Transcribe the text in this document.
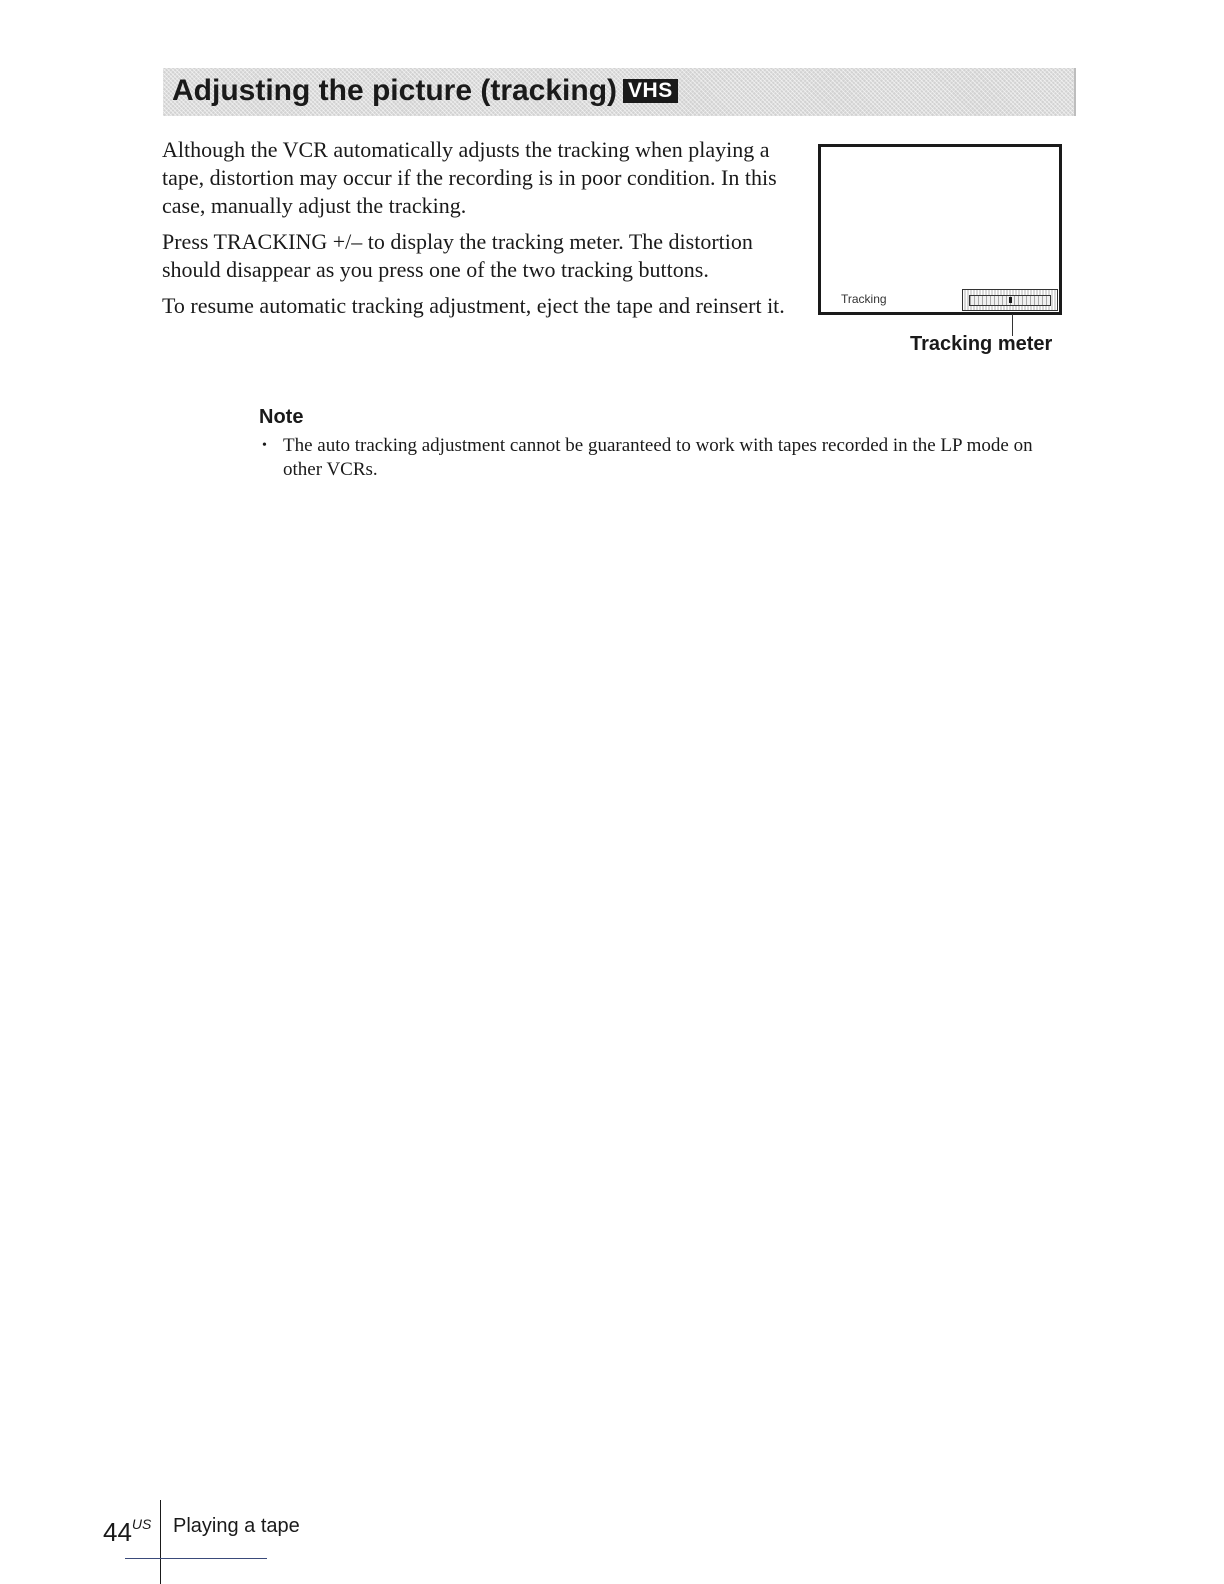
Adjusting the picture (tracking) VHS

Although the VCR automatically adjusts the tracking when playing a tape, distortion may occur if the recording is in poor condition. In this case, manually adjust the tracking.

Press TRACKING +/– to display the tracking meter. The distortion should disappear as you press one of the two tracking buttons.

To resume automatic tracking adjustment, eject the tape and reinsert it.	Tracking
Tracking meter
Note
• The auto tracking adjustment cannot be guaranteed to work with tapes recorded in the LP mode on other VCRs.
$44^{US}$ Playing a tape
